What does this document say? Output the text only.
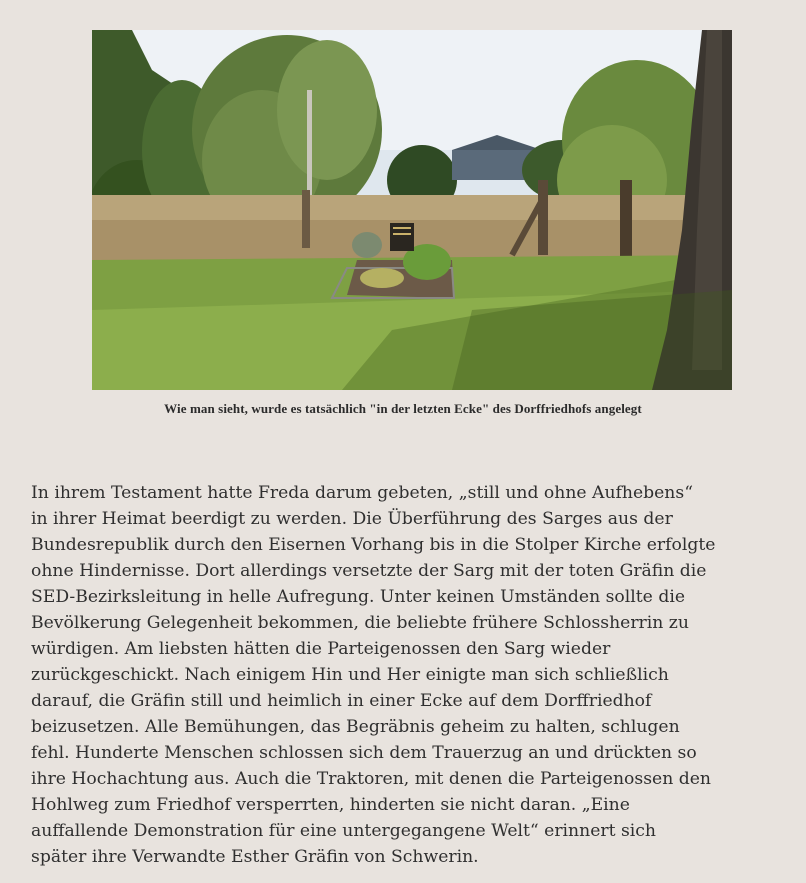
Wie man sieht, wurde es tatsächlich "in der letzten Ecke" des Dorffriedhofs angelegt

In ihrem Testament hatte Freda darum gebeten, „still und ohne Aufhebens“
in ihrer Heimat beerdigt zu werden. Die Überführung des Sarges aus der
Bundesrepublik durch den Eisernen Vorhang bis in die Stolper Kirche erfolgte
ohne Hindernisse. Dort allerdings versetzte der Sarg mit der toten Gräfin die
SED-Bezirksleitung in helle Aufregung. Unter keinen Umständen sollte die
Bevölkerung Gelegenheit bekommen, die beliebte frühere Schlossherrin zu
würdigen. Am liebsten hätten die Parteigenossen den Sarg wieder
zurückgeschickt. Nach einigem Hin und Her einigte man sich schließlich
darauf, die Gräfin still und heimlich in einer Ecke auf dem Dorffriedhof
beizusetzen. Alle Bemühungen, das Begräbnis geheim zu halten, schlugen
fehl. Hunderte Menschen schlossen sich dem Trauerzug an und drückten so
ihre Hochachtung aus. Auch die Traktoren, mit denen die Parteigenossen den
Hohlweg zum Friedhof versperrten, hinderten sie nicht daran. „Eine
auffallende Demonstration für eine untergegangene Welt“ erinnert sich
später ihre Verwandte Esther Gräfin von Schwerin.
